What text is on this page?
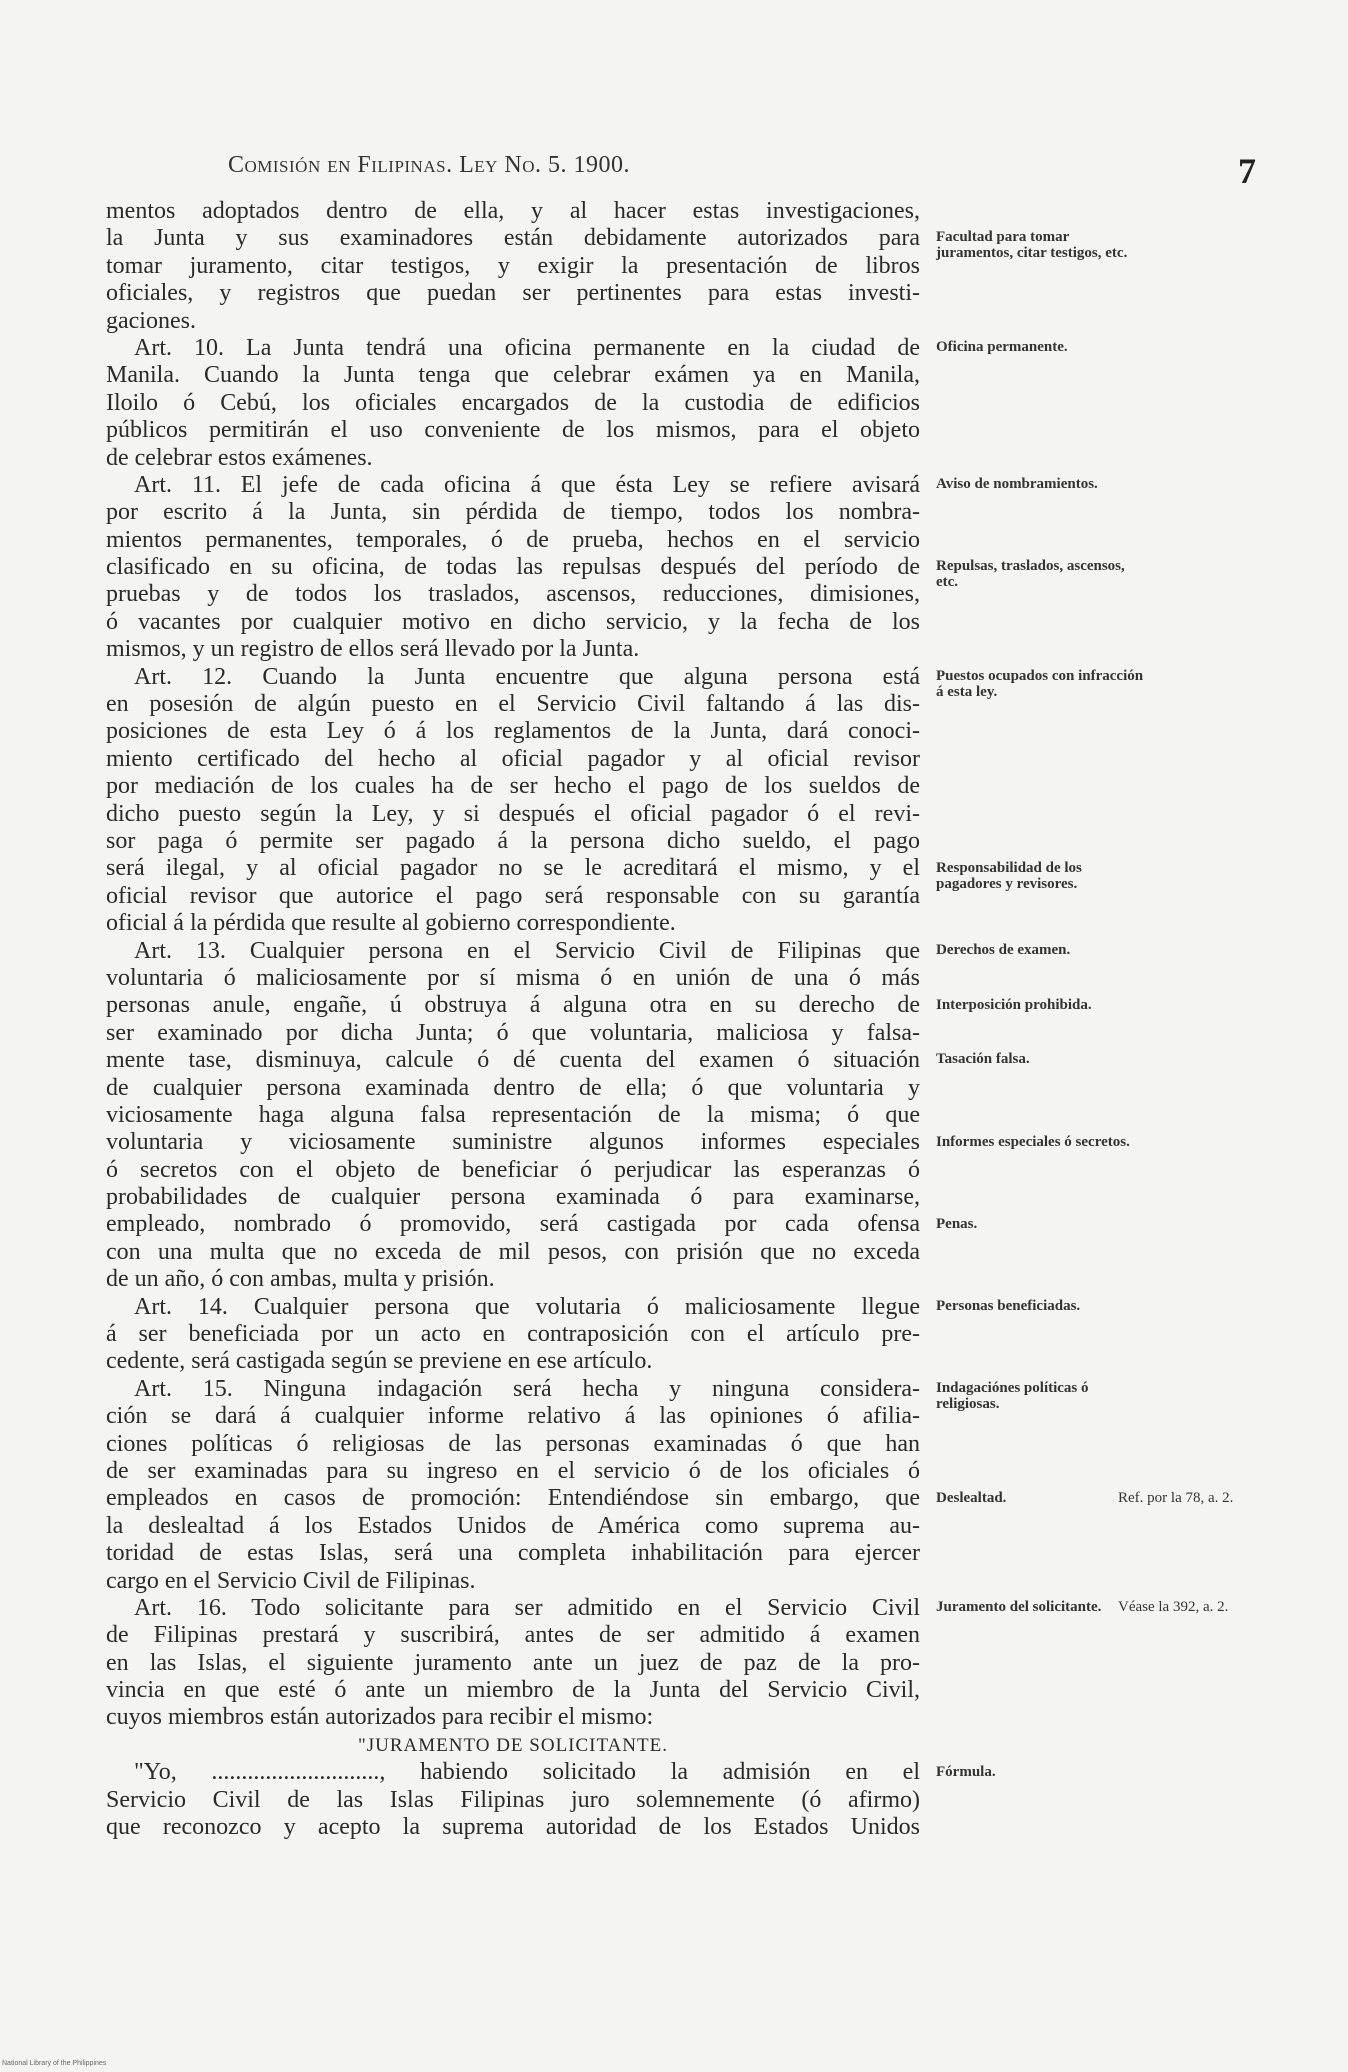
Comisión en Filipinas. Ley No. 5. 1900.	7
mentos adoptados dentro de ella, y al hacer estas investigaciones,
la Junta y sus examinadores están debidamente autorizados para
tomar juramento, citar testigos, y exigir la presentación de libros
oficiales, y registros que puedan ser pertinentes para estas investi-
gaciones.
Art. 10. La Junta tendrá una oficina permanente en la ciudad de
Manila. Cuando la Junta tenga que celebrar exámen ya en Manila,
Iloilo ó Cebú, los oficiales encargados de la custodia de edificios
públicos permitirán el uso conveniente de los mismos, para el objeto
de celebrar estos exámenes.
Art. 11. El jefe de cada oficina á que ésta Ley se refiere avisará
por escrito á la Junta, sin pérdida de tiempo, todos los nombra-
mientos permanentes, temporales, ó de prueba, hechos en el servicio
clasificado en su oficina, de todas las repulsas después del período de
pruebas y de todos los traslados, ascensos, reducciones, dimisiones,
ó vacantes por cualquier motivo en dicho servicio, y la fecha de los
mismos, y un registro de ellos será llevado por la Junta.
Art. 12. Cuando la Junta encuentre que alguna persona está
en posesión de algún puesto en el Servicio Civil faltando á las dis-
posiciones de esta Ley ó á los reglamentos de la Junta, dará conoci-
miento certificado del hecho al oficial pagador y al oficial revisor
por mediación de los cuales ha de ser hecho el pago de los sueldos de
dicho puesto según la Ley, y si después el oficial pagador ó el revi-
sor paga ó permite ser pagado á la persona dicho sueldo, el pago
será ilegal, y al oficial pagador no se le acreditará el mismo, y el
oficial revisor que autorice el pago será responsable con su garantía
oficial á la pérdida que resulte al gobierno correspondiente.
Art. 13. Cualquier persona en el Servicio Civil de Filipinas que
voluntaria ó maliciosamente por sí misma ó en unión de una ó más
personas anule, engañe, ú obstruya á alguna otra en su derecho de
ser examinado por dicha Junta; ó que voluntaria, maliciosa y falsa-
mente tase, disminuya, calcule ó dé cuenta del examen ó situación
de cualquier persona examinada dentro de ella; ó que voluntaria y
viciosamente haga alguna falsa representación de la misma; ó que
voluntaria y viciosamente suministre algunos informes especiales
ó secretos con el objeto de beneficiar ó perjudicar las esperanzas ó
probabilidades de cualquier persona examinada ó para examinarse,
empleado, nombrado ó promovido, será castigada por cada ofensa
con una multa que no exceda de mil pesos, con prisión que no exceda
de un año, ó con ambas, multa y prisión.
Art. 14. Cualquier persona que volutaria ó maliciosamente llegue
á ser beneficiada por un acto en contraposición con el artículo pre-
cedente, será castigada según se previene en ese artículo.
Art. 15. Ninguna indagación será hecha y ninguna considera-
ción se dará á cualquier informe relativo á las opiniones ó afilia-
ciones políticas ó religiosas de las personas examinadas ó que han
de ser examinadas para su ingreso en el servicio ó de los oficiales ó
empleados en casos de promoción: Entendiéndose sin embargo, que
la deslealtad á los Estados Unidos de América como suprema au-
toridad de estas Islas, será una completa inhabilitación para ejercer
cargo en el Servicio Civil de Filipinas.
Art. 16. Todo solicitante para ser admitido en el Servicio Civil
de Filipinas prestará y suscribirá, antes de ser admitido á examen
en las Islas, el siguiente juramento ante un juez de paz de la pro-
vincia en que esté ó ante un miembro de la Junta del Servicio Civil,
cuyos miembros están autorizados para recibir el mismo:
"JURAMENTO DE SOLICITANTE.
"Yo, ............................, habiendo solicitado la admisión en el
Servicio Civil de las Islas Filipinas juro solemnemente (ó afirmo)
que reconozco y acepto la suprema autoridad de los Estados Unidos
Facultad para tomar juramentos, citar testigos, etc.
Oficina permanente.
Aviso de nombramientos.
Repulsas, traslados, ascensos, etc.
Puestos ocupados con infracción á esta ley.
Responsabilidad de los pagadores y revisores.
Derechos de examen.
Interposición prohibida.
Tasación falsa.
Informes especiales ó secretos.
Penas.
Personas beneficiadas.
Indagaciónes políticas ó religiosas.
Deslealtad.
Juramento del solicitante.
Fórmula.
Ref. por la 78, a. 2.
Véase la 392, a. 2.
National Library of the Philippines
